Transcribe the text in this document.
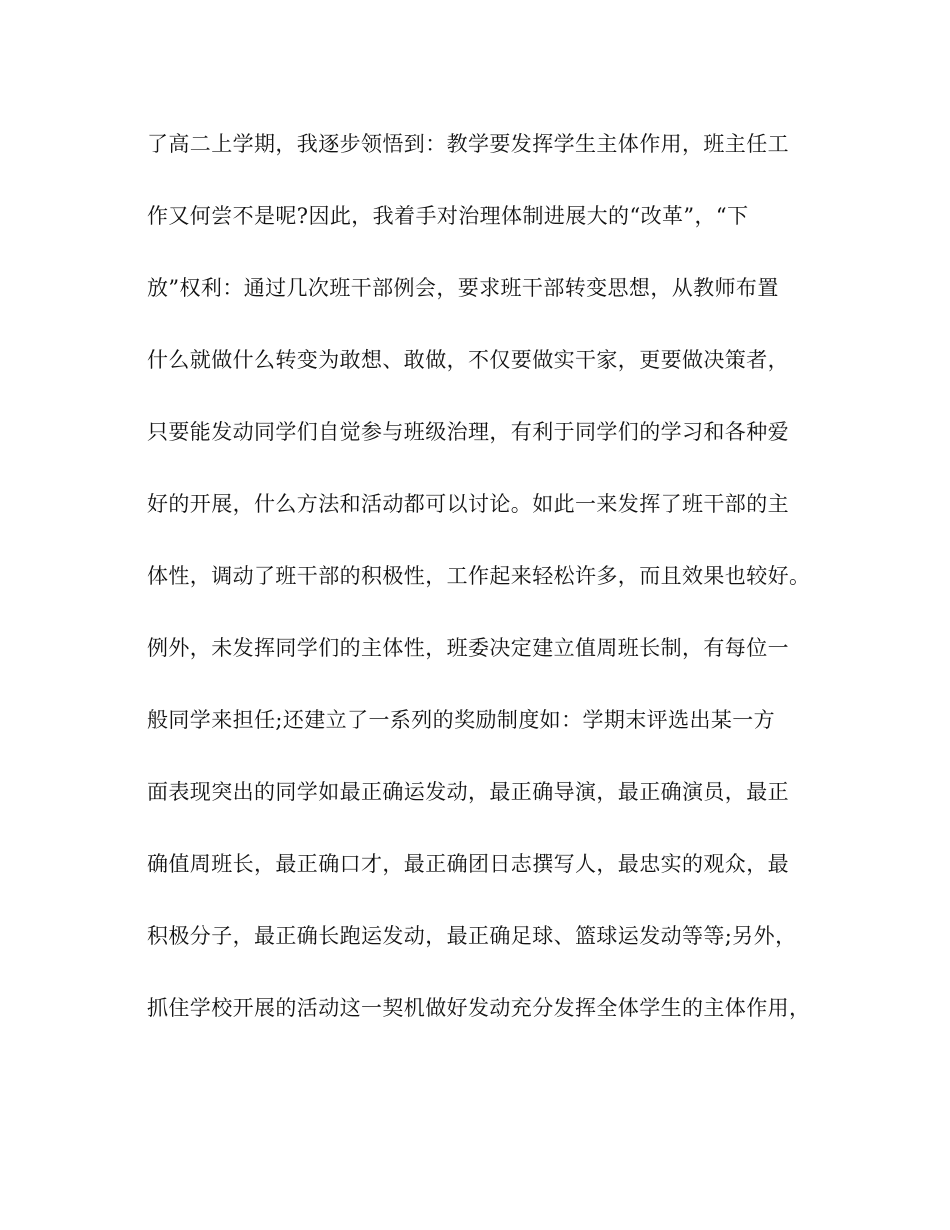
了高二上学期，我逐步领悟到：教学要发挥学生主体作用，班主任工
作又何尝不是呢?因此，我着手对治理体制进展大的“改革”，“下
放”权利：通过几次班干部例会，要求班干部转变思想，从教师布置
什么就做什么转变为敢想、敢做，不仅要做实干家，更要做决策者，
只要能发动同学们自觉参与班级治理，有利于同学们的学习和各种爱
好的开展，什么方法和活动都可以讨论。如此一来发挥了班干部的主
体性，调动了班干部的积极性，工作起来轻松许多，而且效果也较好。
例外，未发挥同学们的主体性，班委决定建立值周班长制，有每位一
般同学来担任;还建立了一系列的奖励制度如：学期末评选出某一方
面表现突出的同学如最正确运发动，最正确导演，最正确演员，最正
确值周班长，最正确口才，最正确团日志撰写人，最忠实的观众，最
积极分子，最正确长跑运发动，最正确足球、篮球运发动等等;另外，
抓住学校开展的活动这一契机做好发动充分发挥全体学生的主体作用，
